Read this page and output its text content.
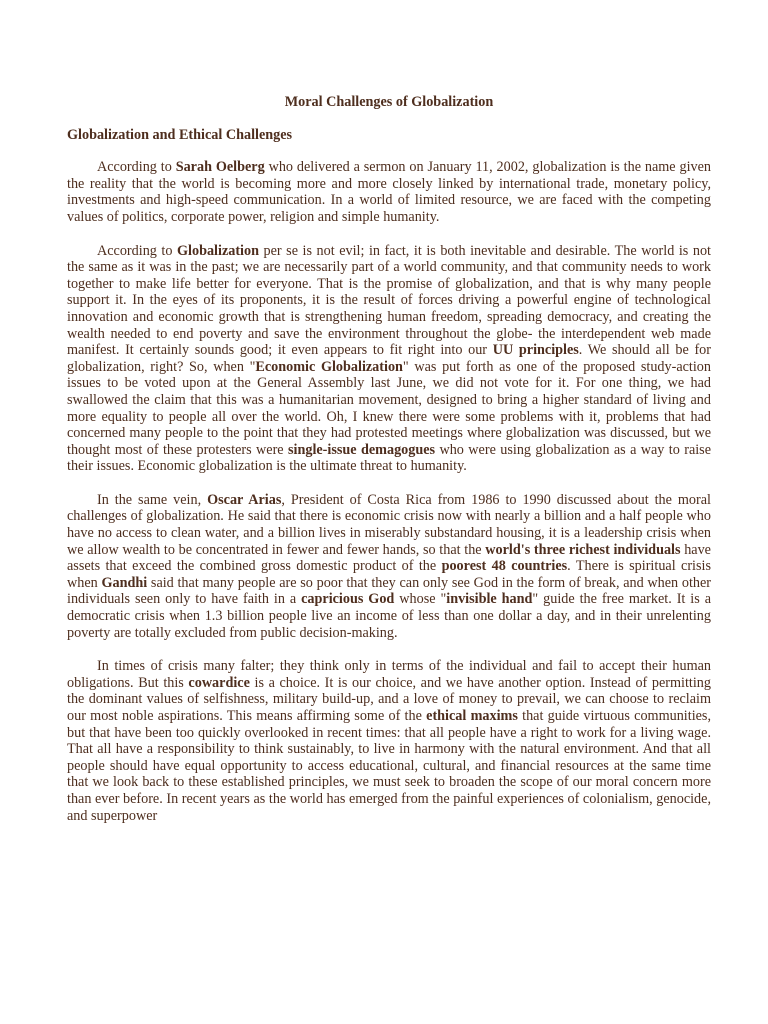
Moral Challenges of Globalization
Globalization and Ethical Challenges

According to Sarah Oelberg who delivered a sermon on January 11, 2002, globalization is the name given the reality that the world is becoming more and more closely linked by international trade, monetary policy, investments and high-speed communication. In a world of limited resource, we are faced with the competing values of politics, corporate power, religion and simple humanity.

According to Globalization per se is not evil; in fact, it is both inevitable and desirable. The world is not the same as it was in the past; we are necessarily part of a world community, and that community needs to work together to make life better for everyone. That is the promise of globalization, and that is why many people support it. In the eyes of its proponents, it is the result of forces driving a powerful engine of technological innovation and economic growth that is strengthening human freedom, spreading democracy, and creating the wealth needed to end poverty and save the environment throughout the globe- the interdependent web made manifest. It certainly sounds good; it even appears to fit right into our UU principles. We should all be for globalization, right? So, when "Economic Globalization" was put forth as one of the proposed study-action issues to be voted upon at the General Assembly last June, we did not vote for it. For one thing, we had swallowed the claim that this was a humanitarian movement, designed to bring a higher standard of living and more equality to people all over the world. Oh, I knew there were some problems with it, problems that had concerned many people to the point that they had protested meetings where globalization was discussed, but we thought most of these protesters were single-issue demagogues who were using globalization as a way to raise their issues. Economic globalization is the ultimate threat to humanity.

In the same vein, Oscar Arias, President of Costa Rica from 1986 to 1990 discussed about the moral challenges of globalization. He said that there is economic crisis now with nearly a billion and a half people who have no access to clean water, and a billion lives in miserably substandard housing, it is a leadership crisis when we allow wealth to be concentrated in fewer and fewer hands, so that the world's three richest individuals have assets that exceed the combined gross domestic product of the poorest 48 countries. There is spiritual crisis when Gandhi said that many people are so poor that they can only see God in the form of break, and when other individuals seen only to have faith in a capricious God whose "invisible hand" guide the free market. It is a democratic crisis when 1.3 billion people live an income of less than one dollar a day, and in their unrelenting poverty are totally excluded from public decision-making.

In times of crisis many falter; they think only in terms of the individual and fail to accept their human obligations. But this cowardice is a choice. It is our choice, and we have another option. Instead of permitting the dominant values of selfishness, military build-up, and a love of money to prevail, we can choose to reclaim our most noble aspirations. This means affirming some of the ethical maxims that guide virtuous communities, but that have been too quickly overlooked in recent times: that all people have a right to work for a living wage. That all have a responsibility to think sustainably, to live in harmony with the natural environment. And that all people should have equal opportunity to access educational, cultural, and financial resources at the same time that we look back to these established principles, we must seek to broaden the scope of our moral concern more than ever before. In recent years as the world has emerged from the painful experiences of colonialism, genocide, and superpower
